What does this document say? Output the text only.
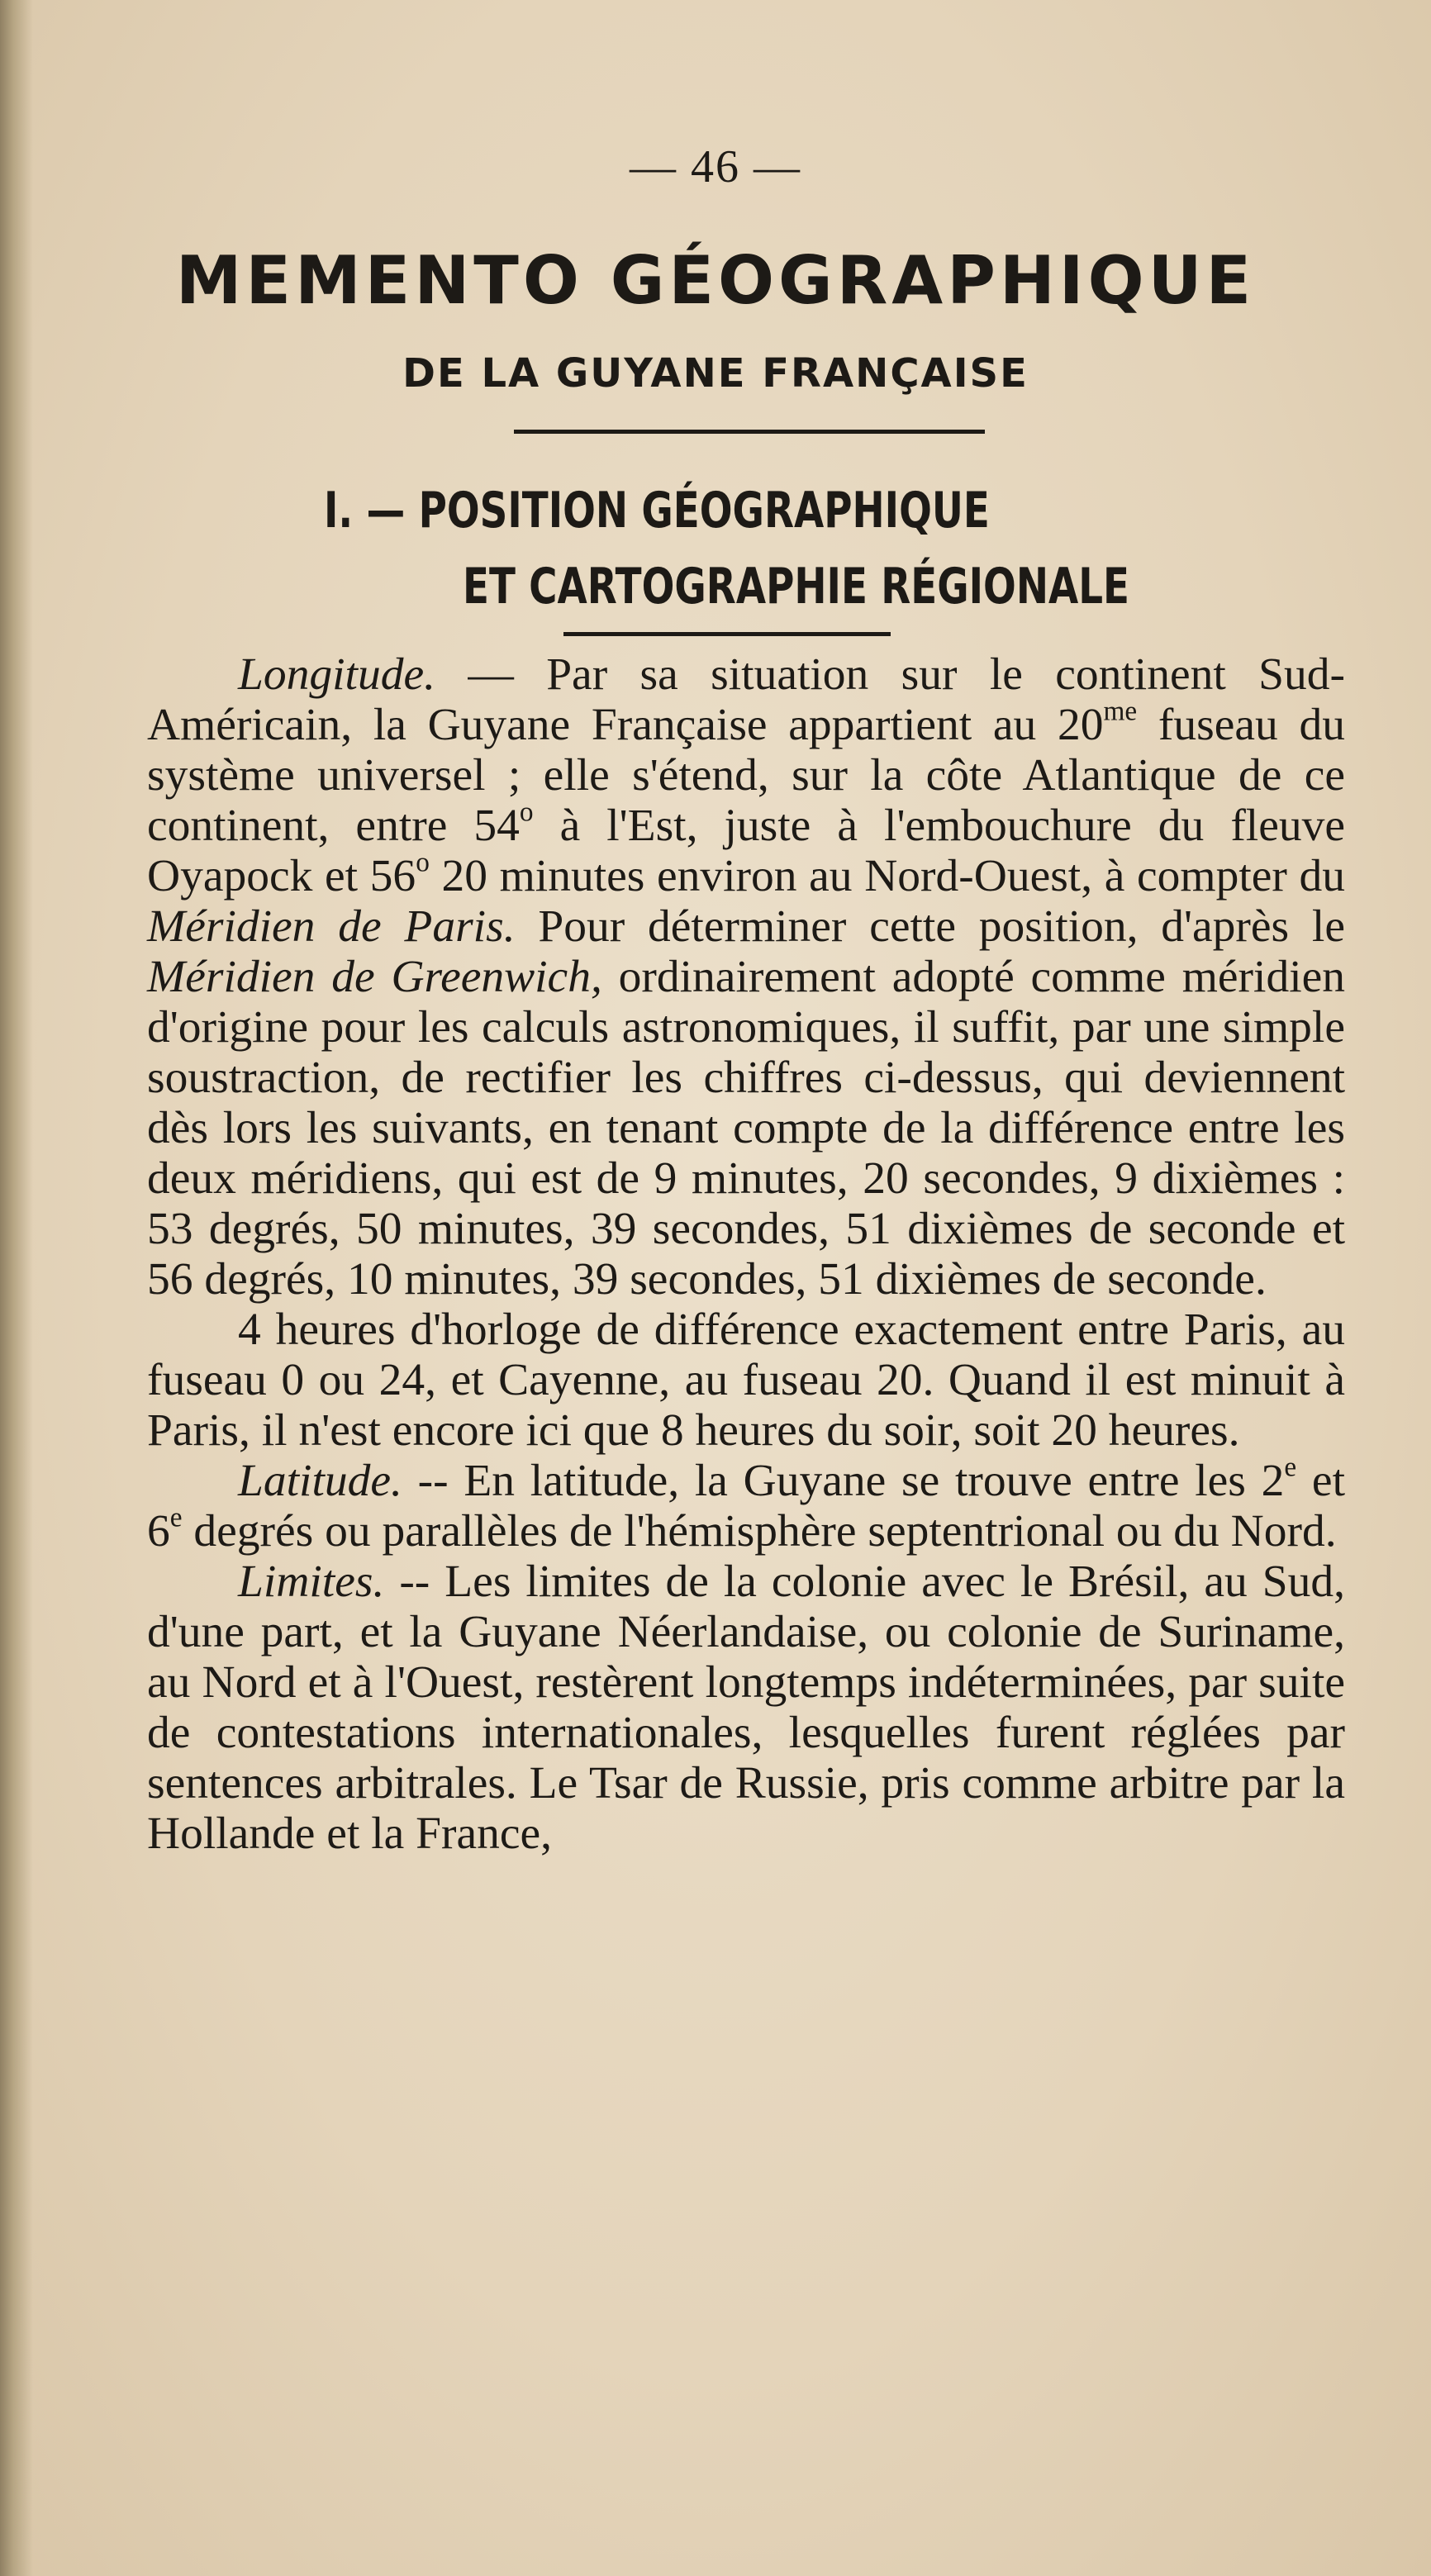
— 46 —
MEMENTO GÉOGRAPHIQUE
DE LA GUYANE FRANÇAISE
I. — POSITION GÉOGRAPHIQUE
ET CARTOGRAPHIE RÉGIONALE

Longitude. — Par sa situation sur le continent Sud-Américain, la Guyane Française appartient au $20^{me}$ fuseau du système universel ; elle s'étend, sur la côte Atlantique de ce continent, entre 54$^o$ à l'Est, juste à l'embouchure du fleuve Oyapock et 56$^o$ 20 minutes environ au Nord-Ouest, à compter du Méridien de Paris. Pour déterminer cette position, d'après le Méridien de Greenwich, ordinairement adopté comme méridien d'origine pour les calculs astronomiques, il suffit, par une simple soustraction, de rectifier les chiffres ci-dessus, qui deviennent dès lors les suivants, en tenant compte de la différence entre les deux méridiens, qui est de 9 minutes, 20 secondes, 9 dixièmes : 53 degrés, 50 minutes, 39 secondes, 51 dixièmes de seconde et 56 degrés, 10 minutes, 39 secondes, 51 dixièmes de seconde.

4 heures d'horloge de différence exactement entre Paris, au fuseau 0 ou 24, et Cayenne, au fuseau 20. Quand il est minuit à Paris, il n'est encore ici que 8 heures du soir, soit 20 heures.

Latitude. -- En latitude, la Guyane se trouve entre les 2e et 6e degrés ou parallèles de l'hémisphère septentrional ou du Nord.

Limites. -- Les limites de la colonie avec le Brésil, au Sud, d'une part, et la Guyane Néerlandaise, ou colonie de Suriname, au Nord et à l'Ouest, restèrent longtemps indéterminées, par suite de contestations internationales, lesquelles furent réglées par sentences arbitrales. Le Tsar de Russie, pris comme arbitre par la Hollande et la France,
